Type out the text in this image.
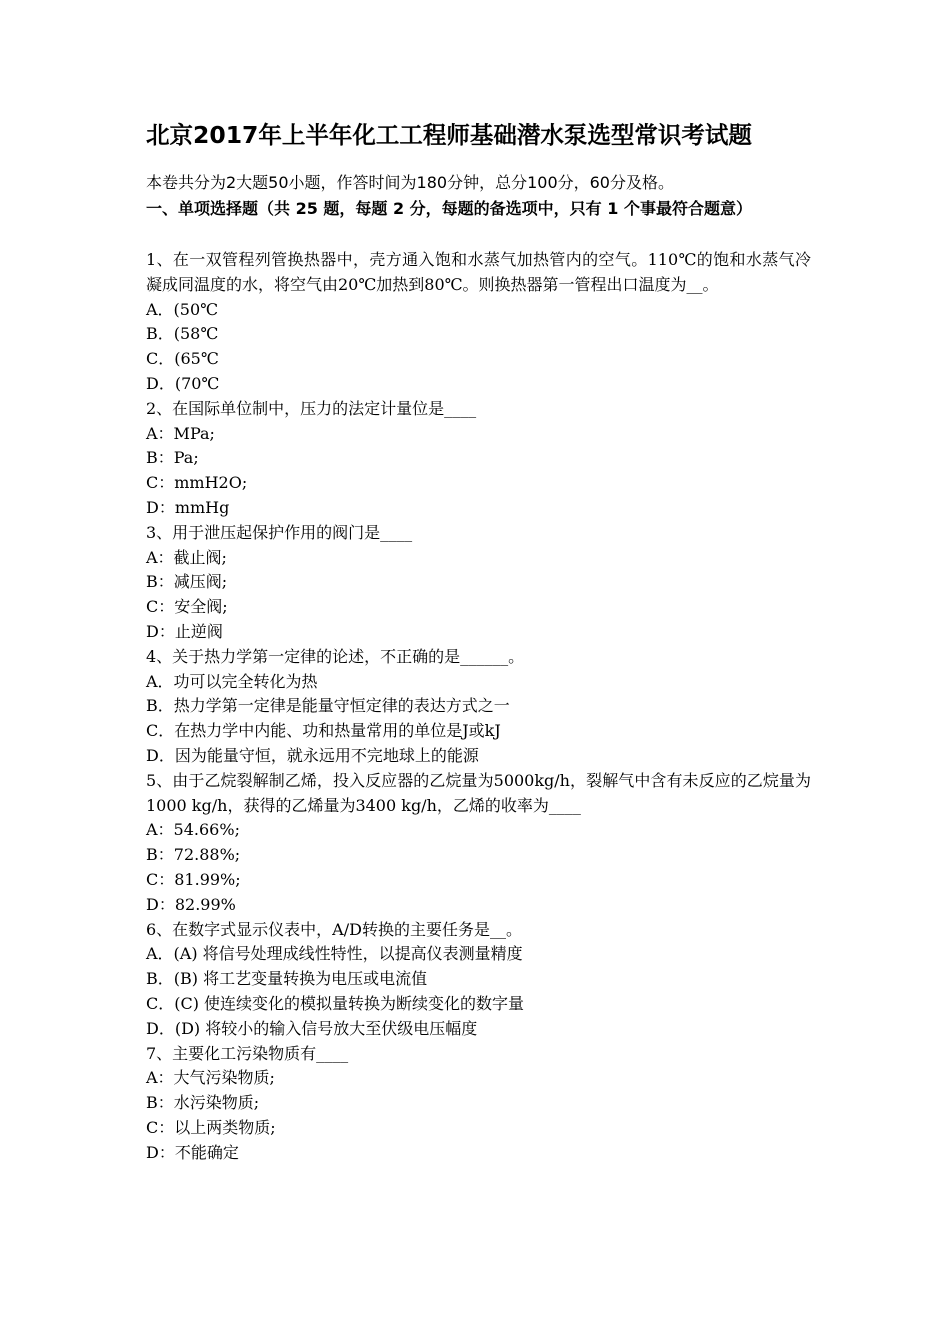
北京2017年上半年化工工程师基础潜水泵选型常识考试题
本卷共分为2大题50小题，作答时间为180分钟，总分100分，60分及格。
一、单项选择题（共 25 题，每题 2 分，每题的备选项中，只有 1 个事最符合题意）
1、在一双管程列管换热器中，壳方通入饱和水蒸气加热管内的空气。110℃的饱和水蒸气冷凝成同温度的水，将空气由20℃加热到80℃。则换热器第一管程出口温度为__。
A．(50℃
B．(58℃
C．(65℃
D．(70℃
2、在国际单位制中，压力的法定计量位是____
A：MPa;
B：Pa;
C：mmH2O;
D：mmHg
3、用于泄压起保护作用的阀门是____
A：截止阀;
B：减压阀;
C：安全阀;
D：止逆阀
4、关于热力学第一定律的论述，不正确的是______。
A．功可以完全转化为热
B．热力学第一定律是能量守恒定律的表达方式之一
C．在热力学中内能、功和热量常用的单位是J或kJ
D．因为能量守恒，就永远用不完地球上的能源
5、由于乙烷裂解制乙烯，投入反应器的乙烷量为5000kg/h，裂解气中含有未反应的乙烷量为1000 kg/h，获得的乙烯量为3400 kg/h，乙烯的收率为____
A：54.66%;
B：72.88%;
C：81.99%;
D：82.99%
6、在数字式显示仪表中，A/D转换的主要任务是__。
A．(A) 将信号处理成线性特性，以提高仪表测量精度
B．(B) 将工艺变量转换为电压或电流值
C．(C) 使连续变化的模拟量转换为断续变化的数字量
D．(D) 将较小的输入信号放大至伏级电压幅度
7、主要化工污染物质有____
A：大气污染物质;
B：水污染物质;
C：以上两类物质;
D：不能确定
